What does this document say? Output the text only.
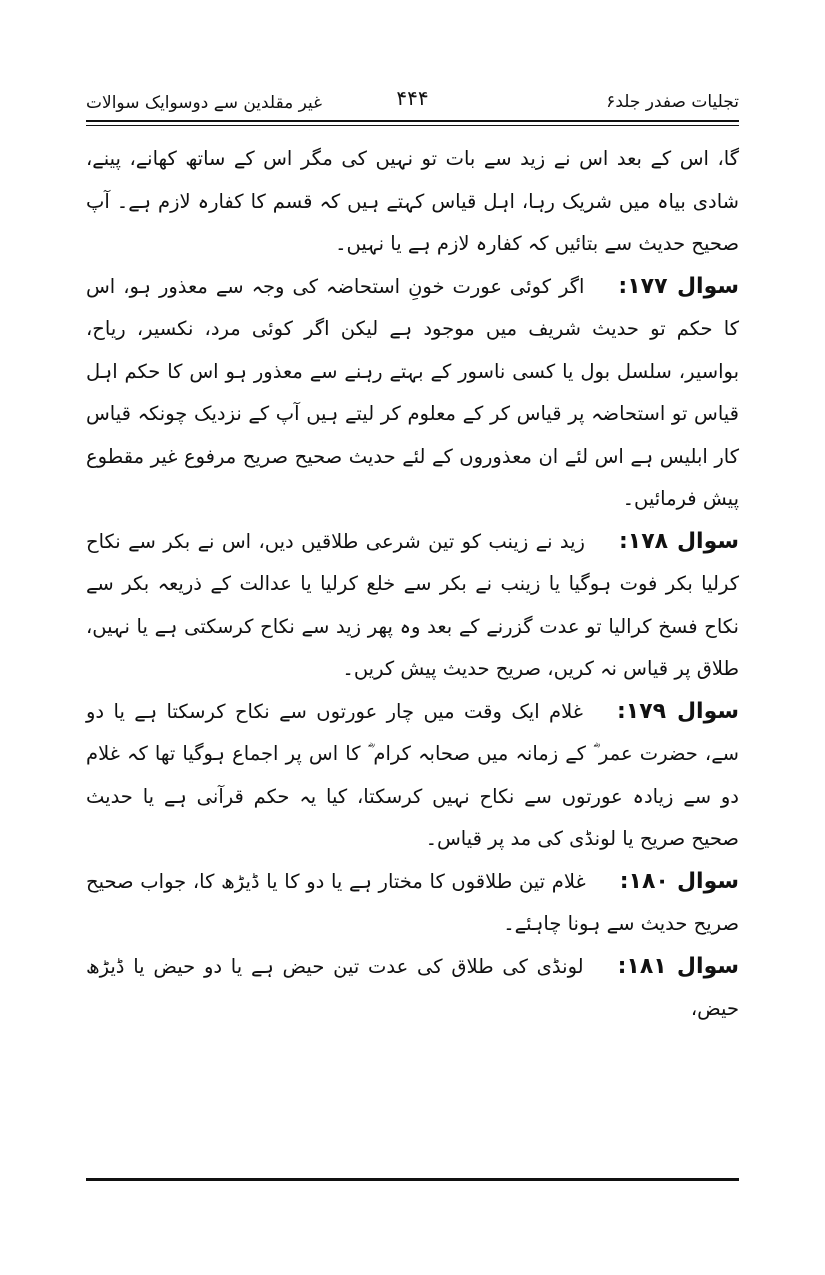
تجلیات صفدر جلد۶
۴۴۴
غیر مقلدین سے دوسوایک سوالات

گا، اس کے بعد اس نے زید سے بات تو نہیں کی مگر اس کے ساتھ کھانے، پینے، شادی بیاہ میں شریک رہا، اہل قیاس کہتے ہیں کہ قسم کا کفارہ لازم ہے۔ آپ صحیح حدیث سے بتائیں کہ کفارہ لازم ہے یا نہیں۔

سوال ۱۷۷:اگر کوئی عورت خونِ استحاضہ کی وجہ سے معذور ہو، اس کا حکم تو حدیث شریف میں موجود ہے لیکن اگر کوئی مرد، نکسیر، ریاح، بواسیر، سلسل بول یا کسی ناسور کے بہتے رہنے سے معذور ہو اس کا حکم اہل قیاس تو استحاضہ پر قیاس کر کے معلوم کر لیتے ہیں آپ کے نزدیک چونکہ قیاس کار ابلیس ہے اس لئے ان معذوروں کے لئے حدیث صحیح صریح مرفوع غیر مقطوع پیش فرمائیں۔

سوال ۱۷۸:زید نے زینب کو تین شرعی طلاقیں دیں، اس نے بکر سے نکاح کرلیا بکر فوت ہوگیا یا زینب نے بکر سے خلع کرلیا یا عدالت کے ذریعہ بکر سے نکاح فسخ کرالیا تو عدت گزرنے کے بعد وہ پھر زید سے نکاح کرسکتی ہے یا نہیں، طلاق پر قیاس نہ کریں، صریح حدیث پیش کریں۔

سوال ۱۷۹:غلام ایک وقت میں چار عورتوں سے نکاح کرسکتا ہے یا دو سے، حضرت عمر ؓ کے زمانہ میں صحابہ کرام ؓ کا اس پر اجماع ہوگیا تھا کہ غلام دو سے زیادہ عورتوں سے نکاح نہیں کرسکتا، کیا یہ حکم قرآنی ہے یا حدیث صحیح صریح یا لونڈی کی مد پر قیاس۔

سوال ۱۸۰:غلام تین طلاقوں کا مختار ہے یا دو کا یا ڈیڑھ کا، جواب صحیح صریح حدیث سے ہونا چاہئے۔

سوال ۱۸۱:لونڈی کی طلاق کی عدت تین حیض ہے یا دو حیض یا ڈیڑھ حیض،
